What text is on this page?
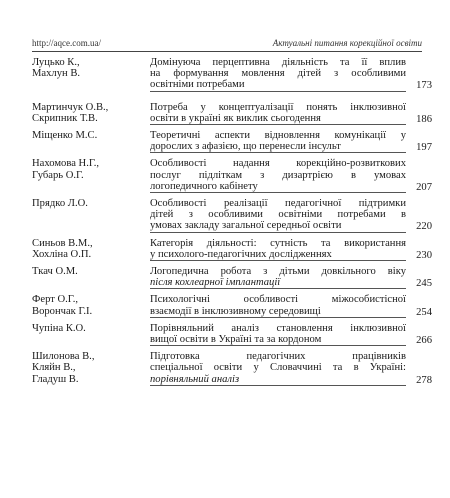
http://aqce.com.ua/	Актуальні питання корекційної освіти
Луцько К.,
Махлун В.
Домінуюча перцептивна діяльність та її вплив
на формування мовлення дітей з особливими
освітніми потребами	173
Мартинчук О.В.,
Скрипник Т.В.
Потреба у концептуалізації понять інклюзивної
освіти в україні як виклик сьогодення	186
Міщенко М.С.	Теоретичні аспекти відновлення комунікації у
дорослих з афазією, що перенесли інсульт	197
Нахомова Н.Г.,
Губарь О.Г.
Особливості надання корекційно-розвиткових
послуг підліткам з дизартрією в умовах
логопедичного кабінету	207
Прядко Л.О.	Особливості реалізації педагогічної підтримки
дітей з особливими освітніми потребами в
умовах закладу загальної середньої освіти	220
Синьов В.М.,
Хохліна О.П.
Категорія діяльності: сутність та використання
у психолого-педагогічних дослідженнях	230
Ткач О.М.	Логопедична робота з дітьми довкільного віку
після кохлеарної імплантації	245
Ферт О.Г.,
Ворончак Г.І.
Психологічні особливості міжособистісної
взаємодії в інклюзивному середовищі	254
Чупіна К.О.	Порівняльний аналіз становлення інклюзивної
вищої освіти в Україні та за кордоном	266
Шилонова В.,
Кляйн В.,
Гладуш В.
Підготовка педагогічних працівників
спеціальної освіти у Словаччині та в Україні:
порівняльний аналіз	278
